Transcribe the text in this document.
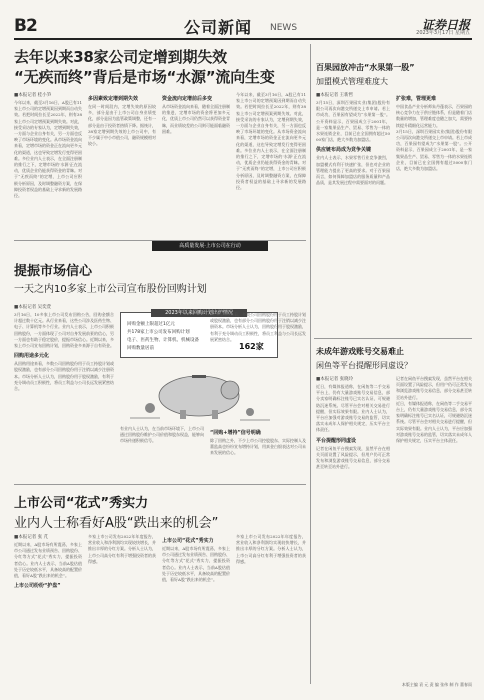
B2	公司新闻 NEWS	证券日报
2023年3月17日 星期五
去年以来38家公司定增到期失效
“无疾而终”背后是市场“水源”流向生变
■本报记者 桂小笋
今年以来，截至3月16日，A股已有11家上市公司的定增预案因到期而自动失效。若把时间拉长至2022年，则有38家上市公司定增预案到期失效。对此，接受采访的专家认为，定增到期失效，一方面与企业自身有关，另一方面也反映了市场环境的变化。从市场资金流向来看，定增市场的资金正在流向更多元化的渠道，这也导致定增发行变得更困难。多位业内人士表示，在全面注册制的推行之下，定增市场的'水源'正在流动，优质企业仍能获得资金的青睐。对于“无疾而终”的定增，上市公司应积极分析原因，及时调整融资方案，在保障投资者权益的基础上寻求新的发展路径。
多因素致定增到期失效
在同一时间段内，定增失效的原因较多，部分是由于上市公司自身业绩变化，部分是因为监管政策调整，还有一部分是由于投资者热情下降。据统计，38家定增到期失效的上市公司中，有不少属于中小市值公司，融资规模相对较小。
资金流向定增前后多变
从市场资金流向来看，随着全面注册制的推进，定增市场的资金将更加多元化，优质上市公司仍然可以获得资金青睐，而业绩较差的公司则可能面临融资困难。
今年以来，截至3月16日，A股已有11家上市公司的定增预案因到期而自动失效。若把时间拉长至2022年，则有38家上市公司定增预案到期失效。对此，接受采访的专家认为，定增到期失效，一方面与企业自身有关，另一方面也反映了市场环境的变化。从市场资金流向来看，定增市场的资金正在流向更多元化的渠道，这也导致定增发行变得更困难。多位业内人士表示，在全面注册制的推行之下，定增市场的'水源'正在流动，优质企业仍能获得资金的青睐。对于“无疾而终”的定增，上市公司应积极分析原因，及时调整融资方案，在保障投资者权益的基础上寻求新的发展路径。
高质量发展·上市公司在行动
提振市场信心
一天之内10多家上市公司宣布股份回购计划
■本报记者 吴奕萱
3月16日，10多家上市公司发布回购公告，回购金额合计超过数十亿元。从行业来看，这些公司涉及医药生物、电子、计算机等多个行业。业内人士表示，上市公司积极回购股份，一方面体现了公司对自身发展前景的信心，另一方面也有助于稳定股价，提振市场信心。近期以来，多家上市公司宣布回购计划，回购资金多来源于自有资金。
回购用途多元化
从回购用途来看，多数公司回购股份用于员工持股计划或股权激励，也有部分公司回购股份用于注销以减少注册资本。市场分析人士认为，回购股份用于股权激励，有利于充分调动员工积极性，将员工利益与公司长远发展紧密结合。
2023年以来回购计划出炉情况
回购金额上限超过1亿元
共178家上市公司发布回购计划
电子、医药生物、计算机、机械设备
回购数量居前	162家
有业内人士认为，在当前市场环境下，上市公司通过回购股份维护公司价值和股东权益，能够向市场传递积极信号。
“回购+增持”信号明确
除了回购之外，不少上市公司控股股东、实际控制人及董监高也纷纷宣布增持计划，用真金白银表达对公司未来发展的信心。
从回购用途来看，多数公司回购股份用于员工持股计划或股权激励，也有部分公司回购股份用于注销以减少注册资本。市场分析人士认为，回购股份用于股权激励，有利于充分调动员工积极性，将员工利益与公司长远发展紧密结合。
上市公司“花式”秀实力
业内人士称看好A股“跌出来的机会”
■本报记者 张 芃
近期以来，A股市场有所震荡，多家上市公司通过发布业绩预告、回购股份、分红等方式“花式”秀实力，提振投资者信心。业内人士表示，当前A股估值处于历史较低水平，具备较高的配置价值，看好A股“跌出来的机会”。
上市公司纷纷“护盘”
多家上市公司发布2022年年度报告，营业收入和净利润均实现较快增长，并推出丰厚的分红方案。分析人士认为，上市公司高分红有利于增强投资者的获得感。
上市公司“花式”秀实力
近期以来，A股市场有所震荡，多家上市公司通过发布业绩预告、回购股份、分红等方式“花式”秀实力，提振投资者信心。业内人士表示，当前A股估值处于历史较低水平，具备较高的配置价值，看好A股“跌出来的机会”。
多家上市公司发布2022年年度报告，营业收入和净利润均实现较快增长，并推出丰厚的分红方案。分析人士认为，上市公司高分红有利于增强投资者的获得感。
百果园放冲击“水果第一股”
加盟模式管理难度大
■本报记者 王新哲
3月15日，深圳百果园实业(集团)股份有限公司再次向港交所递交上市申请。若上市成功，百果园有望成为“水果第一股”。公开资料显示，百果园成立于2001年，是一家集果品生产、贸易、零售为一体的水果连锁企业，目前已在全国拥有超过5000家门店，绝大多数为加盟店。
供应链布局成为竞争关键
业内人士表示，水果零售行业竞争激烈，加盟模式有利于快速扩张，但也对企业的管理能力提出了更高的要求。对于百果园而言，如何保障加盟店的服务质量和产品品质，是其发展过程中需要面对的问题。
扩张难，管理更难
中国食品产业分析师朱丹蓬表示，百果园的核心竞争力在于供应链体系，但是随着门店数量的增加，管理难度也随之加大，需要持续提升精细化运营能力。
3月15日，深圳百果园实业(集团)股份有限公司再次向港交所递交上市申请。若上市成功，百果园有望成为“水果第一股”。公开资料显示，百果园成立于2001年，是一家集果品生产、贸易、零售为一体的水果连锁企业，目前已在全国拥有超过5000家门店，绝大多数为加盟店。
未成年游戏账号交易难止
闲鱼等平台提醒形同虚设？
■本报记者 张晓玲
近日，有媒体报道称，在闲鱼等二手交易平台上，仍有大量游戏账号交易信息，部分卖家明确标注账号已实名认证，可规避防沉迷系统。尽管平台会对相关交易进行提醒，但实际效果有限。业内人士认为，平台应加强对游戏账号交易的监管，切实落实未成年人保护相关规定，压实平台主体责任。
平台提醒形同虚设
记者在闲鱼平台搜索发现，虽然平台在相关页面设置了风险提示，但用户仍可正常发布和浏览游戏账号交易信息，部分交易甚至转至站外进行。
记者在闲鱼平台搜索发现，虽然平台在相关页面设置了风险提示，但用户仍可正常发布和浏览游戏账号交易信息，部分交易甚至转至站外进行。
近日，有媒体报道称，在闲鱼等二手交易平台上，仍有大量游戏账号交易信息，部分卖家明确标注账号已实名认证，可规避防沉迷系统。尽管平台会对相关交易进行提醒，但实际效果有限。业内人士认为，平台应加强对游戏账号交易的监管，切实落实未成年人保护相关规定，压实平台主体责任。
本版主编 袁 元 责 编 张伟 制 作 董春雨
